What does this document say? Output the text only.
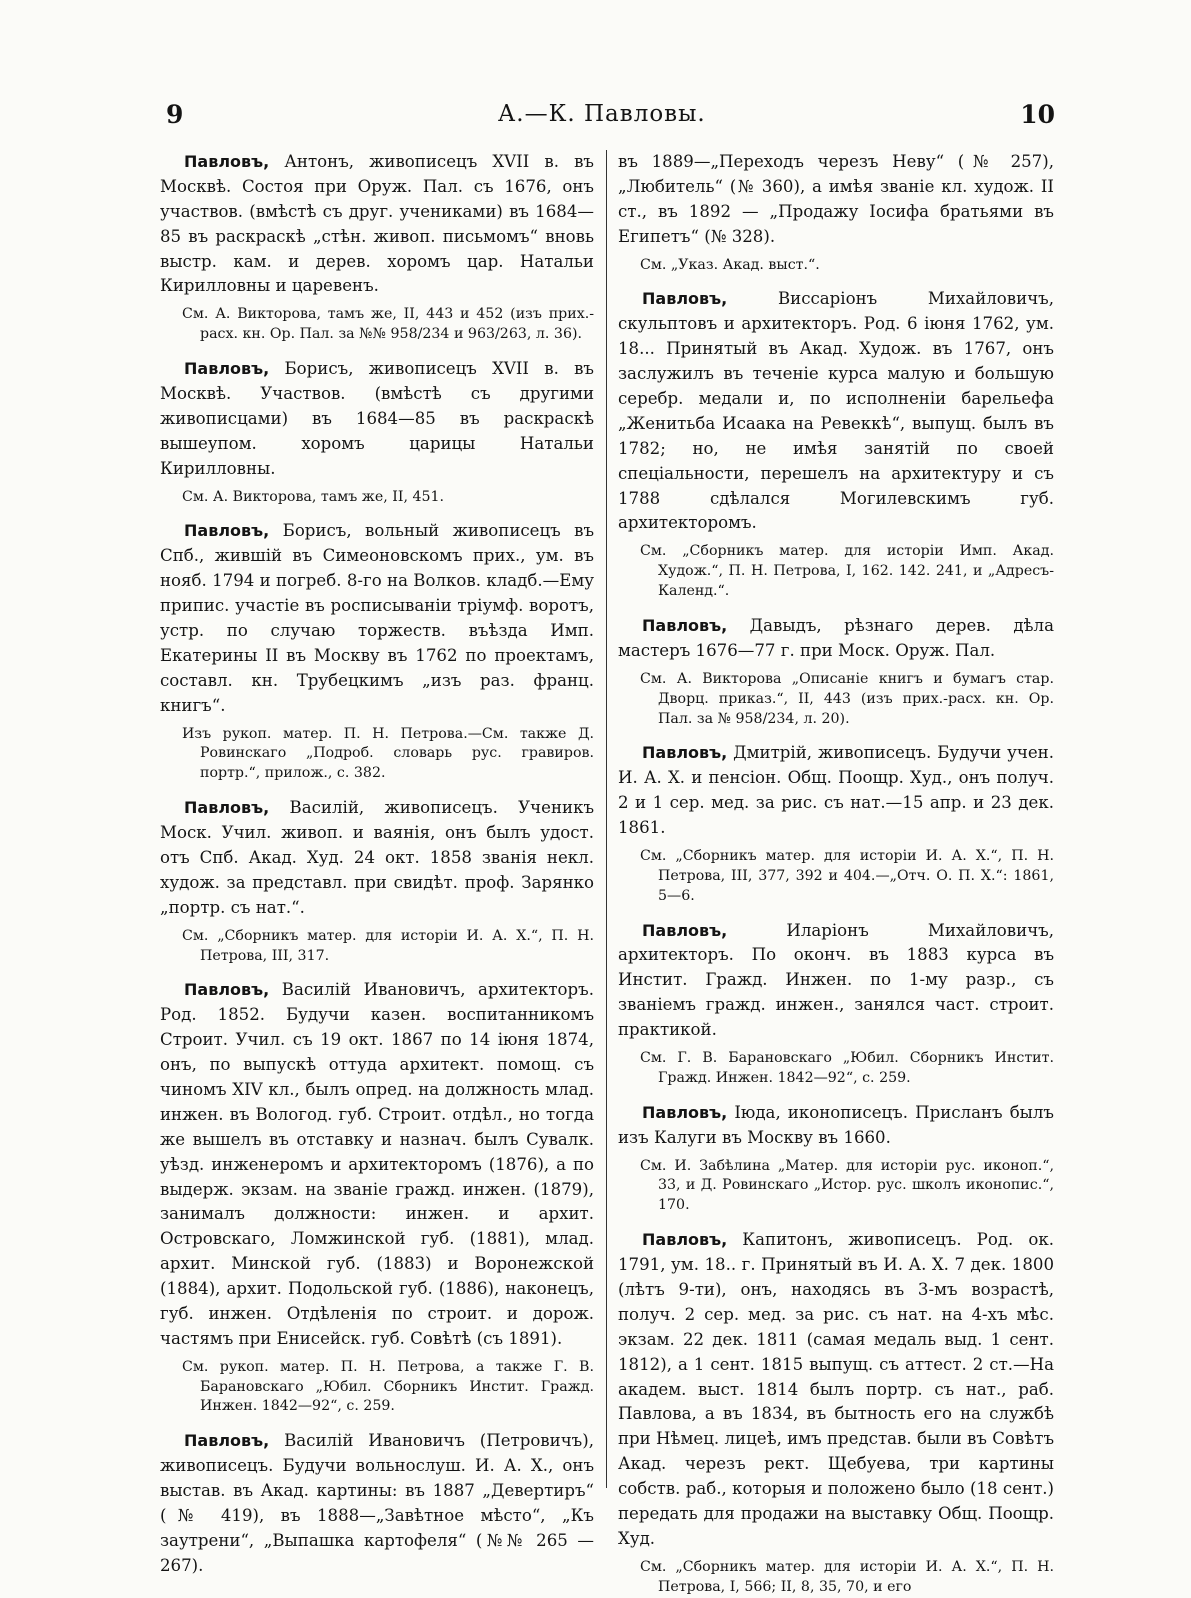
9	А.—К. Павловы.	10

Павловъ, Антонъ, живописецъ XVII в. въ Москвѣ. Состоя при Оруж. Пал. съ 1676, онъ участвов. (вмѣстѣ съ друг. учениками) въ 1684—85 въ раскраскѣ „стѣн. живоп. письмомъ“ вновь выстр. кам. и дерев. хоромъ цар. Натальи Кирилловны и царевенъ.

См. А. Викторова, тамъ же, II, 443 и 452 (изъ прих.-расх. кн. Ор. Пал. за №№ 958/234 и 963/263, л. 36).

Павловъ, Борисъ, живописецъ XVII в. въ Москвѣ. Участвов. (вмѣстѣ съ другими живописцами) въ 1684—85 въ раскраскѣ вышеупом. хоромъ царицы Натальи Кирилловны.

См. А. Викторова, тамъ же, II, 451.

Павловъ, Борисъ, вольный живописецъ въ Спб., жившій въ Симеоновскомъ прих., ум. въ нояб. 1794 и погреб. 8-го на Волков. кладб.—Ему припис. участіе въ росписываніи тріумф. воротъ, устр. по случаю торжеств. въѣзда Имп. Екатерины II въ Москву въ 1762 по проектамъ, составл. кн. Трубецкимъ „изъ раз. франц. книгъ“.

Изъ рукоп. матер. П. Н. Петрова.—См. также Д. Ровинскаго „Подроб. словарь рус. гравиров. портр.“, прилож., с. 382.

Павловъ, Василій, живописецъ. Ученикъ Моск. Учил. живоп. и ваянія, онъ былъ удост. отъ Спб. Акад. Худ. 24 окт. 1858 званія некл. худож. за представл. при свидѣт. проф. Зарянко „портр. съ нат.“.

См. „Сборникъ матер. для исторіи И. А. Х.“, П. Н. Петрова, III, 317.

Павловъ, Василій Ивановичъ, архитекторъ. Род. 1852. Будучи казен. воспитанникомъ Строит. Учил. съ 19 окт. 1867 по 14 іюня 1874, онъ, по выпускѣ оттуда архитект. помощ. съ чиномъ XIV кл., былъ опред. на должность млад. инжен. въ Вологод. губ. Строит. отдѣл., но тогда же вышелъ въ отставку и назнач. былъ Сувалк. уѣзд. инженеромъ и архитекторомъ (1876), а по выдерж. экзам. на званіе гражд. инжен. (1879), занималъ должности: инжен. и архит. Островскаго, Ломжинской губ. (1881), млад. архит. Минской губ. (1883) и Воронежской (1884), архит. Подольской губ. (1886), наконецъ, губ. инжен. Отдѣленія по строит. и дорож. частямъ при Енисейск. губ. Совѣтѣ (съ 1891).

См. рукоп. матер. П. Н. Петрова, а также Г. В. Барановскаго „Юбил. Сборникъ Инстит. Гражд. Инжен. 1842—92“, с. 259.

Павловъ, Василій Ивановичъ (Петровичъ), живописецъ. Будучи вольнослуш. И. А. Х., онъ выстав. въ Акад. картины: въ 1887 „Девертиръ“ (№ 419), въ 1888—„Завѣтное мѣсто“, „Къ заутрени“, „Выпашка картофеля“ (№№ 265 — 267).

въ 1889—„Переходъ черезъ Неву“ (№ 257), „Любитель“ (№ 360), а имѣя званіе кл. худож. II ст., въ 1892 — „Продажу Іосифа братьями въ Египетъ“ (№ 328).

См. „Указ. Акад. выст.“.

Павловъ, Виссаріонъ Михайловичъ, скульптовъ и архитекторъ. Род. 6 іюня 1762, ум. 18... Принятый въ Акад. Худож. въ 1767, онъ заслужилъ въ теченіе курса малую и большую серебр. медали и, по исполненіи барельефа „Женитьба Исаака на Ревеккѣ“, выпущ. былъ въ 1782; но, не имѣя занятій по своей спеціальности, перешелъ на архитектуру и съ 1788 сдѣлался Могилевскимъ губ. архитекторомъ.

См. „Сборникъ матер. для исторіи Имп. Акад. Худож.“, П. Н. Петрова, I, 162. 142. 241, и „Адресъ-Календ.“.

Павловъ, Давыдъ, рѣзнаго дерев. дѣла мастеръ 1676—77 г. при Моск. Оруж. Пал.

См. А. Викторова „Описаніе книгъ и бумагъ стар. Дворц. приказ.“, II, 443 (изъ прих.-расх. кн. Ор. Пал. за № 958/234, л. 20).

Павловъ, Дмитрій, живописецъ. Будучи учен. И. А. Х. и пенсіон. Общ. Поощр. Худ., онъ получ. 2 и 1 сер. мед. за рис. съ нат.—15 апр. и 23 дек. 1861.

См. „Сборникъ матер. для исторіи И. А. Х.“, П. Н. Петрова, III, 377, 392 и 404.—„Отч. О. П. Х.“: 1861, 5—6.

Павловъ, Иларіонъ Михайловичъ, архитекторъ. По оконч. въ 1883 курса въ Инстит. Гражд. Инжен. по 1-му разр., съ званіемъ гражд. инжен., занялся част. строит. практикой.

См. Г. В. Барановскаго „Юбил. Сборникъ Инстит. Гражд. Инжен. 1842—92“, с. 259.

Павловъ, Іюда, иконописецъ. Присланъ былъ изъ Калуги въ Москву въ 1660.

См. И. Забѣлина „Матер. для исторіи рус. иконоп.“, 33, и Д. Ровинскаго „Истор. рус. школъ иконопис.“, 170.

Павловъ, Капитонъ, живописецъ. Род. ок. 1791, ум. 18.. г. Принятый въ И. А. Х. 7 дек. 1800 (лѣтъ 9-ти), онъ, находясь въ 3-мъ возрастѣ, получ. 2 сер. мед. за рис. съ нат. на 4-хъ мѣс. экзам. 22 дек. 1811 (самая медаль выд. 1 сент. 1812), а 1 сент. 1815 выпущ. съ аттест. 2 ст.—На академ. выст. 1814 былъ портр. съ нат., раб. Павлова, а въ 1834, въ бытность его на службѣ при Нѣмец. лицеѣ, имъ представ. были въ Совѣтъ Акад. черезъ рект. Щебуева, три картины собств. раб., которыя и положено было (18 сент.) передать для продажи на выставку Общ. Поощр. Худ.

См. „Сборникъ матер. для исторіи И. А. Х.“, П. Н. Петрова, I, 566; II, 8, 35, 70, и его
